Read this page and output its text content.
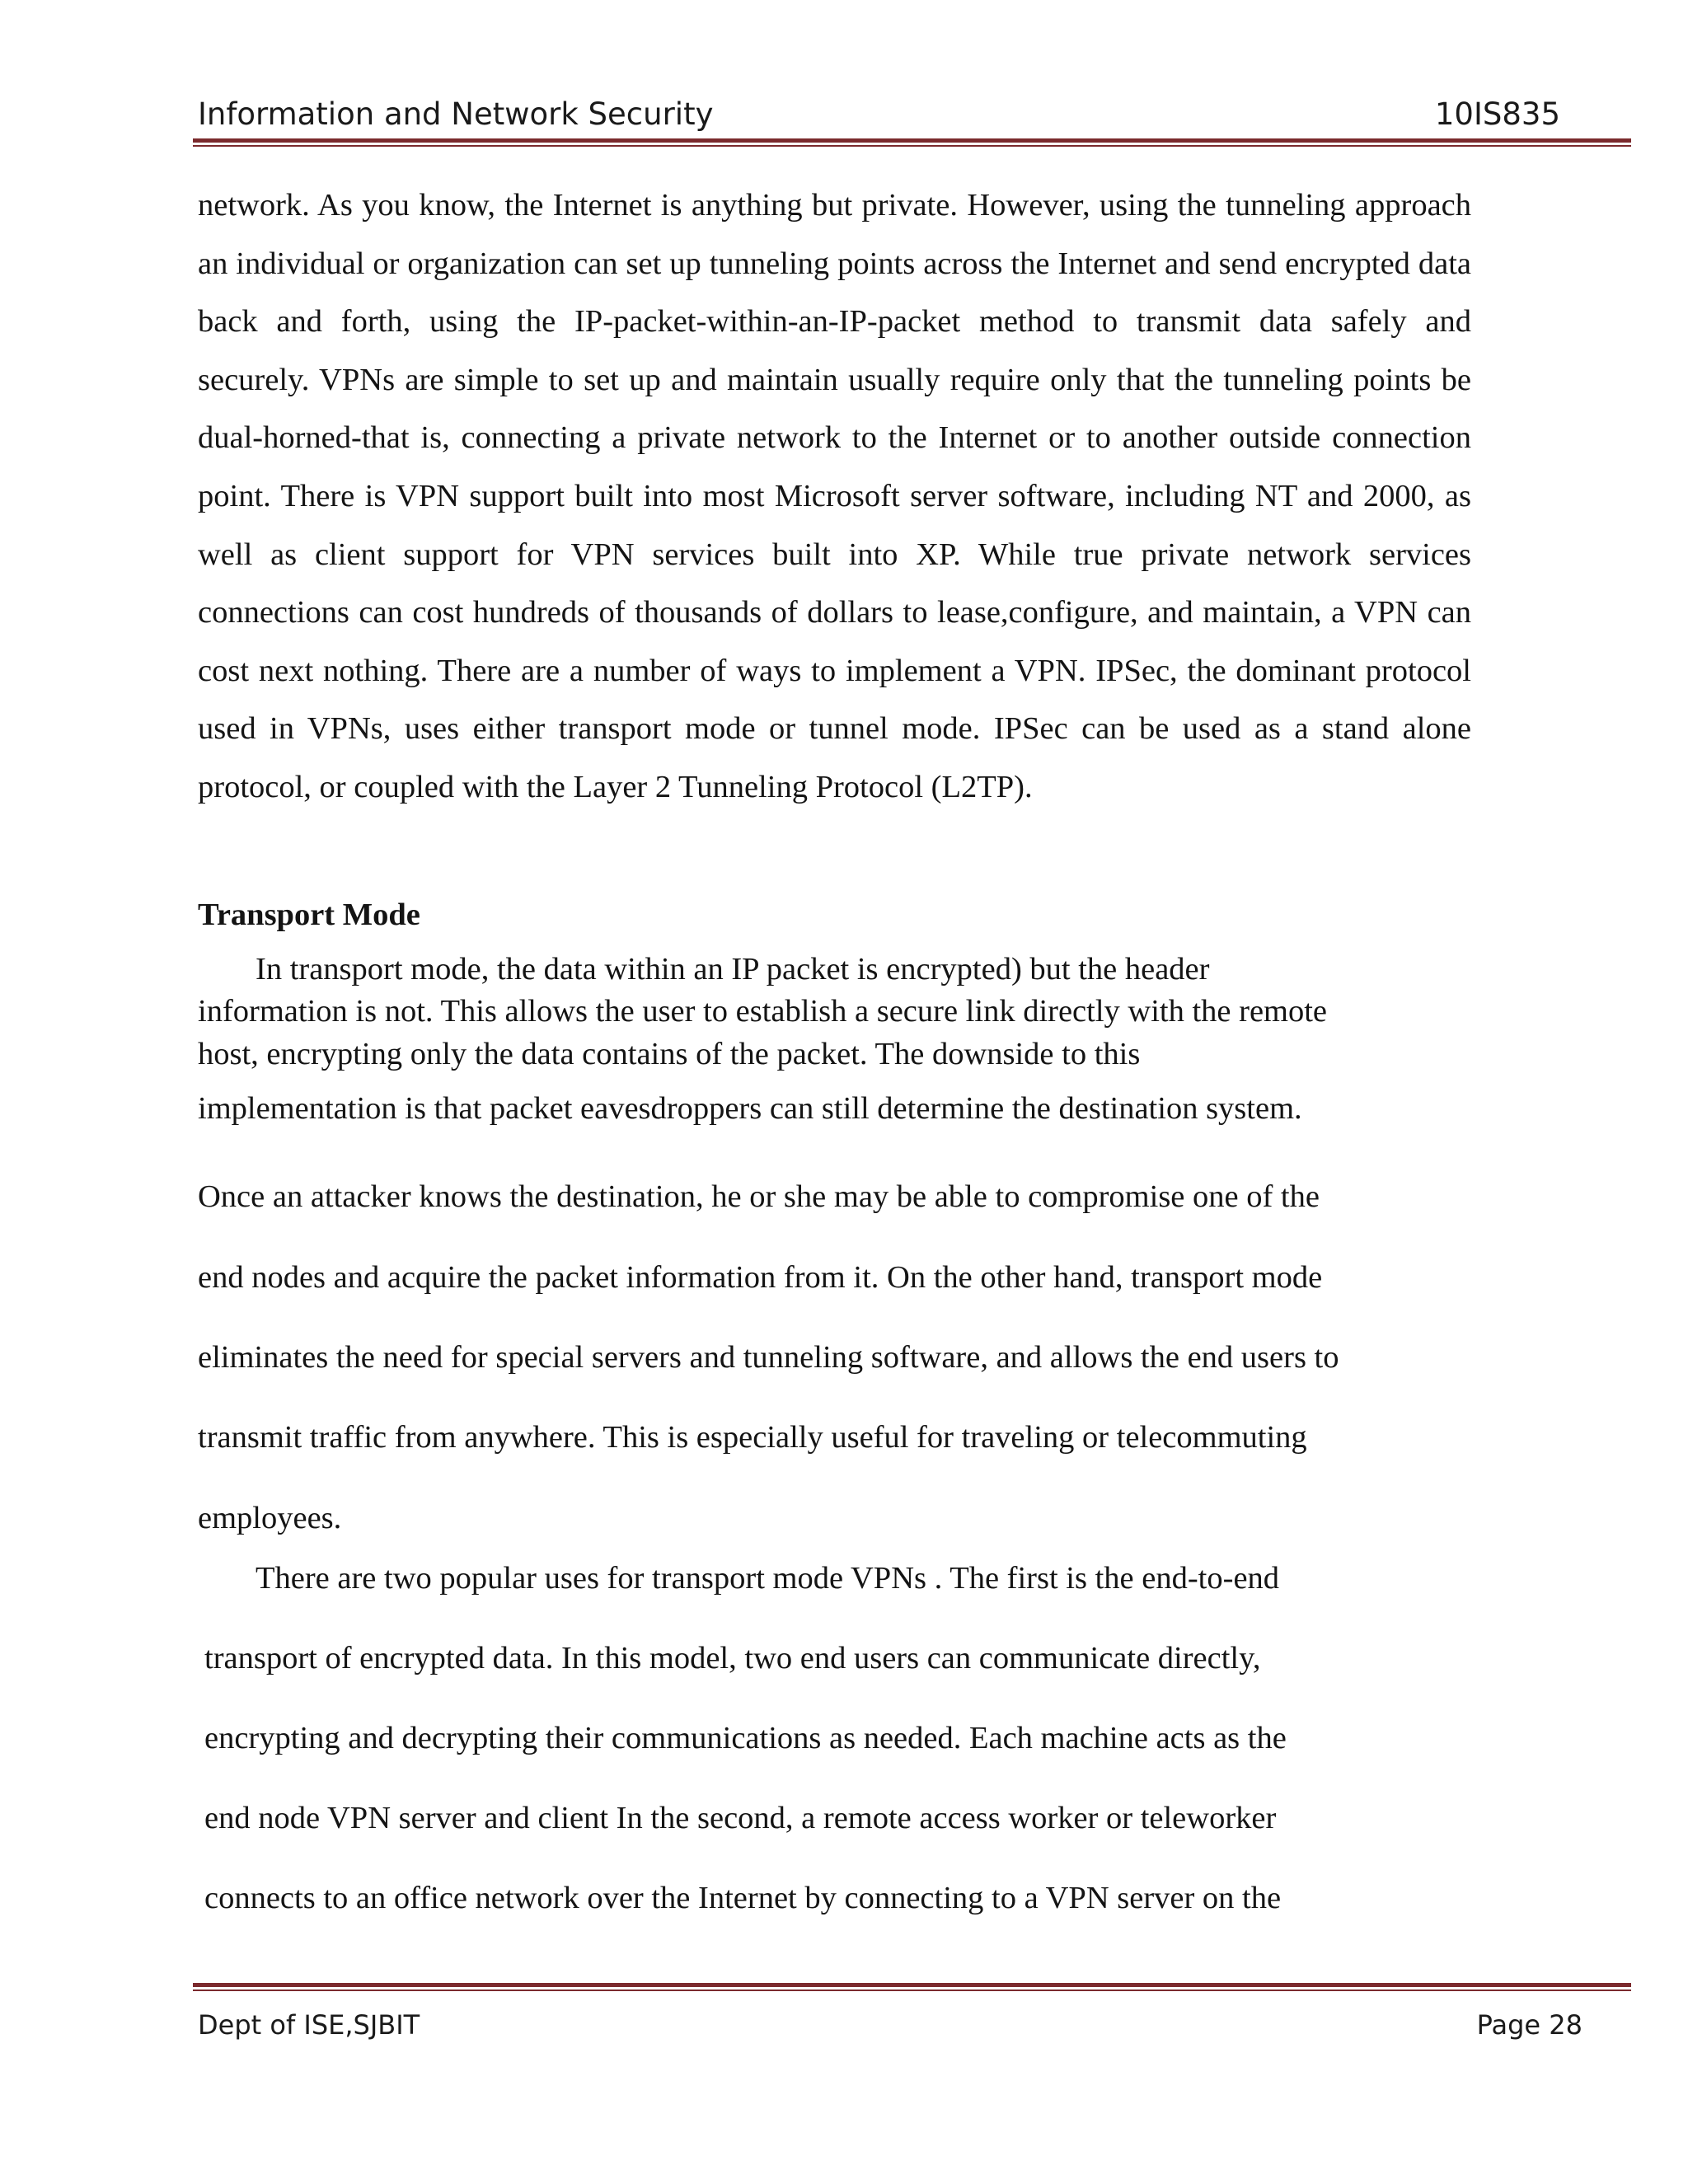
Information and Network Security	10IS835
network. As you know, the Internet is anything but private. However, using the tunneling approach an individual or organization can set up tunneling points across the Internet and send encrypted data back and forth, using the IP-packet-within-an-IP-packet method to transmit data safely and securely. VPNs are simple to set up and maintain usually require only that the tunneling points be dual-horned-that is, connecting a private network to the Internet or to another outside connection point. There is VPN support built into most Microsoft server software, including NT and 2000, as well as client support for VPN services built into XP. While true private network services connections can cost hundreds of thousands of dollars to lease,configure, and maintain, a VPN can cost next nothing. There are a number of ways to implement a VPN. IPSec, the dominant protocol used in VPNs, uses either transport mode or tunnel mode. IPSec can be used as a stand alone protocol, or coupled with the Layer 2 Tunneling Protocol (L2TP).
Transport Mode
In transport mode, the data within an IP packet is encrypted) but the header
information is not. This allows the user to establish a secure link directly with the remote
host, encrypting only the data contains of the packet. The downside to this
implementation is that packet eavesdroppers can still determine the destination system.
Once an attacker knows the destination, he or she may be able to compromise one of the
end nodes and acquire the packet information from it. On the other hand, transport mode
eliminates the need for special servers and tunneling software, and allows the end users to
transmit traffic from anywhere. This is especially useful for traveling or telecommuting
employees.
There are two popular uses for transport mode VPNs . The first is the end-to-end
transport of encrypted data. In this model, two end users can communicate directly,
encrypting and decrypting their communications as needed. Each machine acts as the
end node VPN server and client In the second, a remote access worker or teleworker
connects to an office network over the Internet by connecting to a VPN server on the
Dept of ISE,SJBIT	Page 28
